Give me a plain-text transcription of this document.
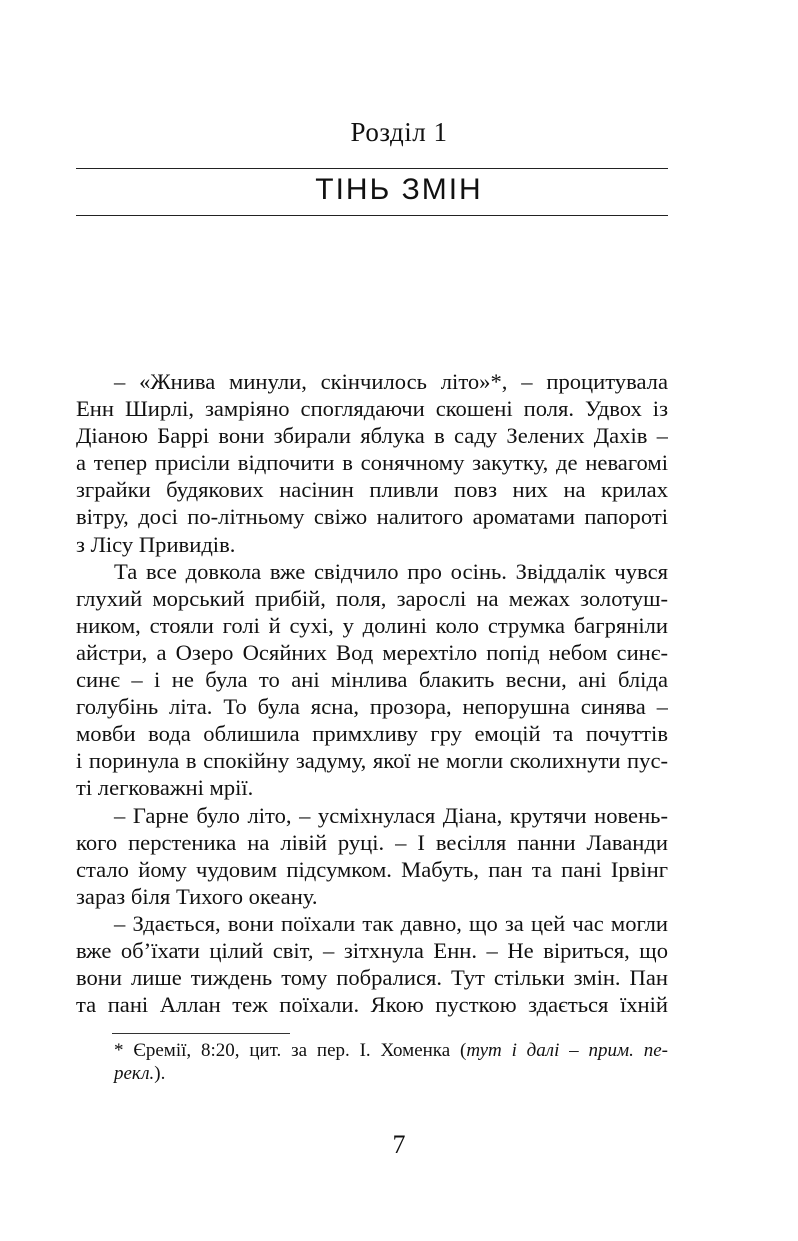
Розділ 1
ТІНЬ ЗМІН
– «Жнива минули, скінчилось літо»*, – процитувала
Енн Ширлі, замріяно споглядаючи скошені поля. Удвох із
Діаною Баррі вони збирали яблука в саду Зелених Дахів –
а тепер присіли відпочити в сонячному закутку, де невагомі
зграйки будякових насінин пливли повз них на крилах
вітру, досі по-літньому свіжо налитого ароматами папороті
з Лісу Привидів.
Та все довкола вже свідчило про осінь. Звіддалік чувся
глухий морський прибій, поля, зарослі на межах золотуш-
ником, стояли голі й сухі, у долині коло струмка багряніли
айстри, а Озеро Осяйних Вод мерехтіло попід небом синє-
синє – і не була то ані мінлива блакить весни, ані бліда
голубінь літа. То була ясна, прозора, непорушна синява –
мовби вода облишила примхливу гру емоцій та почуттів
і поринула в спокійну задуму, якої не могли сколихнути пус-
ті легковажні мрії.
– Гарне було літо, – усміхнулася Діана, крутячи новень-
кого перстеника на лівій руці. – І весілля панни Лаванди
стало йому чудовим підсумком. Мабуть, пан та пані Ірвінг
зараз біля Тихого океану.
– Здається, вони поїхали так давно, що за цей час могли
вже об’їхати цілий світ, – зітхнула Енн. – Не віриться, що
вони лише тиждень тому побралися. Тут стільки змін. Пан
та пані Аллан теж поїхали. Якою пусткою здається їхній
* Єремії, 8:20, цит. за пер. І. Хоменка (тут і далі – прим. пе-
рекл.).
7
